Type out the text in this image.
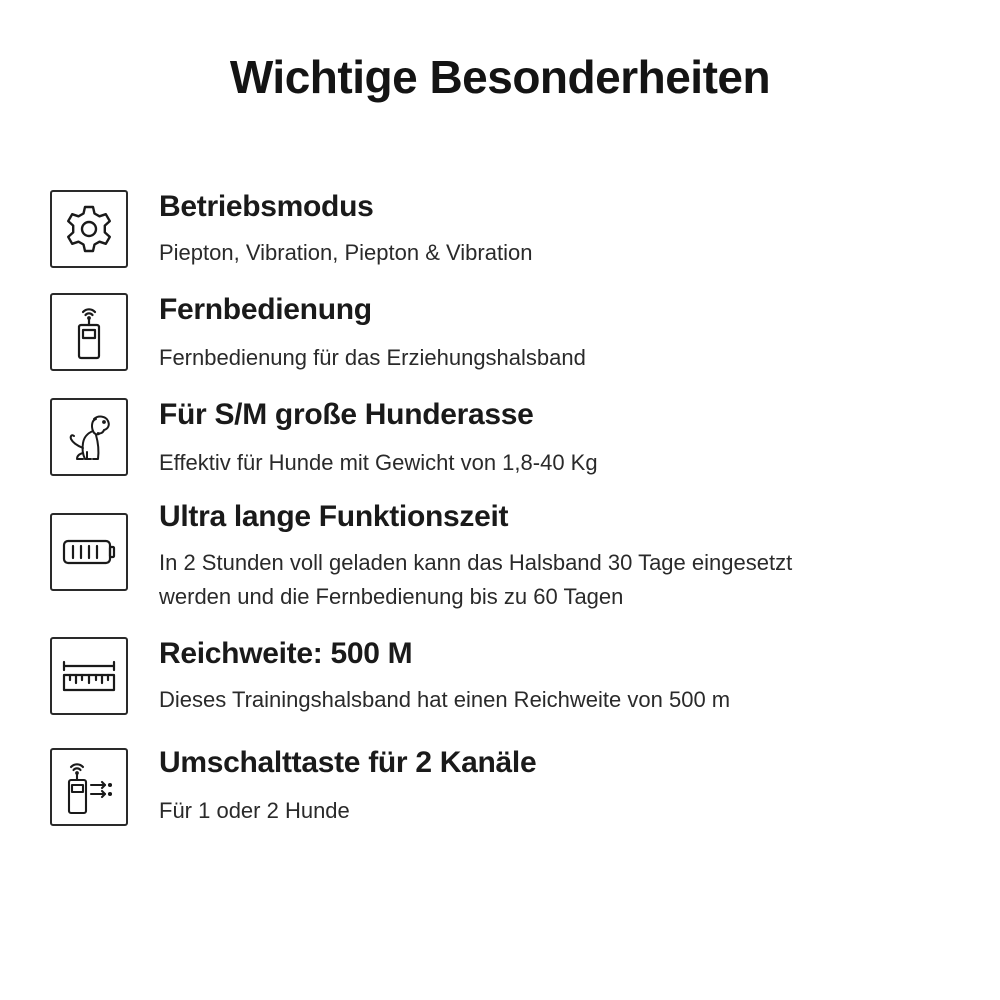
Wichtige Besonderheiten
Betriebsmodus
Piepton, Vibration, Piepton & Vibration
Fernbedienung
Fernbedienung für das Erziehungshalsband
Für S/M große Hunderasse
Effektiv für Hunde mit Gewicht von 1,8-40 Kg
Ultra lange Funktionszeit
In 2 Stunden voll geladen kann das Halsband 30 Tage eingesetzt
werden und die Fernbedienung bis zu 60 Tagen
Reichweite: 500 M
Dieses Trainingshalsband hat einen Reichweite von 500 m
Umschalttaste für 2 Kanäle
Für 1 oder 2 Hunde
